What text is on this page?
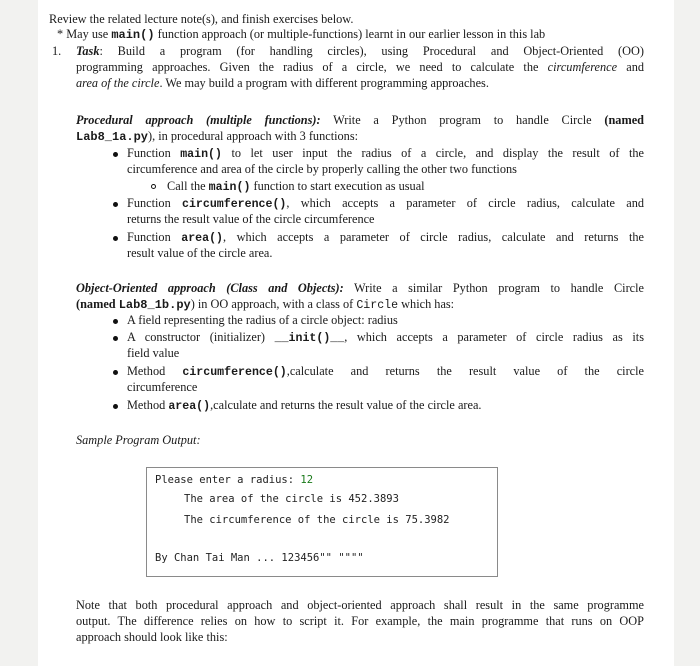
Review the related lecture note(s), and finish exercises below.
* May use main() function approach (or multiple-functions) learnt in our earlier lesson in this lab
1. Task: Build a program (for handling circles), using Procedural and Object-Oriented (OO)
programming approaches. Given the radius of a circle, we need to calculate the circumference and
area of the circle. We may build a program with different programming approaches.
Procedural approach (multiple functions): Write a Python program to handle Circle (named
Lab8_1a.py), in procedural approach with 3 functions:
Function main() to let user input the radius of a circle, and display the result of the
circumference and area of the circle by properly calling the other two functions
Call the main() function to start execution as usual
Function circumference(), which accepts a parameter of circle radius, calculate and
returns the result value of the circle circumference
Function area(), which accepts a parameter of circle radius, calculate and returns the
result value of the circle area.
Object-Oriented approach (Class and Objects): Write a similar Python program to handle Circle
(named Lab8_1b.py) in OO approach, with a class of Circle which has:
A field representing the radius of a circle object: radius
A constructor (initializer) __init()__, which accepts a parameter of circle radius as its
field value
Method circumference(),calculate and returns the result value of the circle
circumference
Method area(),calculate and returns the result value of the circle area.
Sample Program Output:
Please enter a radius: 12
The area of the circle is 452.3893
The circumference of the circle is 75.3982
By Chan Tai Man ... 123456"" """"
Note that both procedural approach and object-oriented approach shall result in the same programme
output. The difference relies on how to script it. For example, the main programme that runs on OOP
approach should look like this:
